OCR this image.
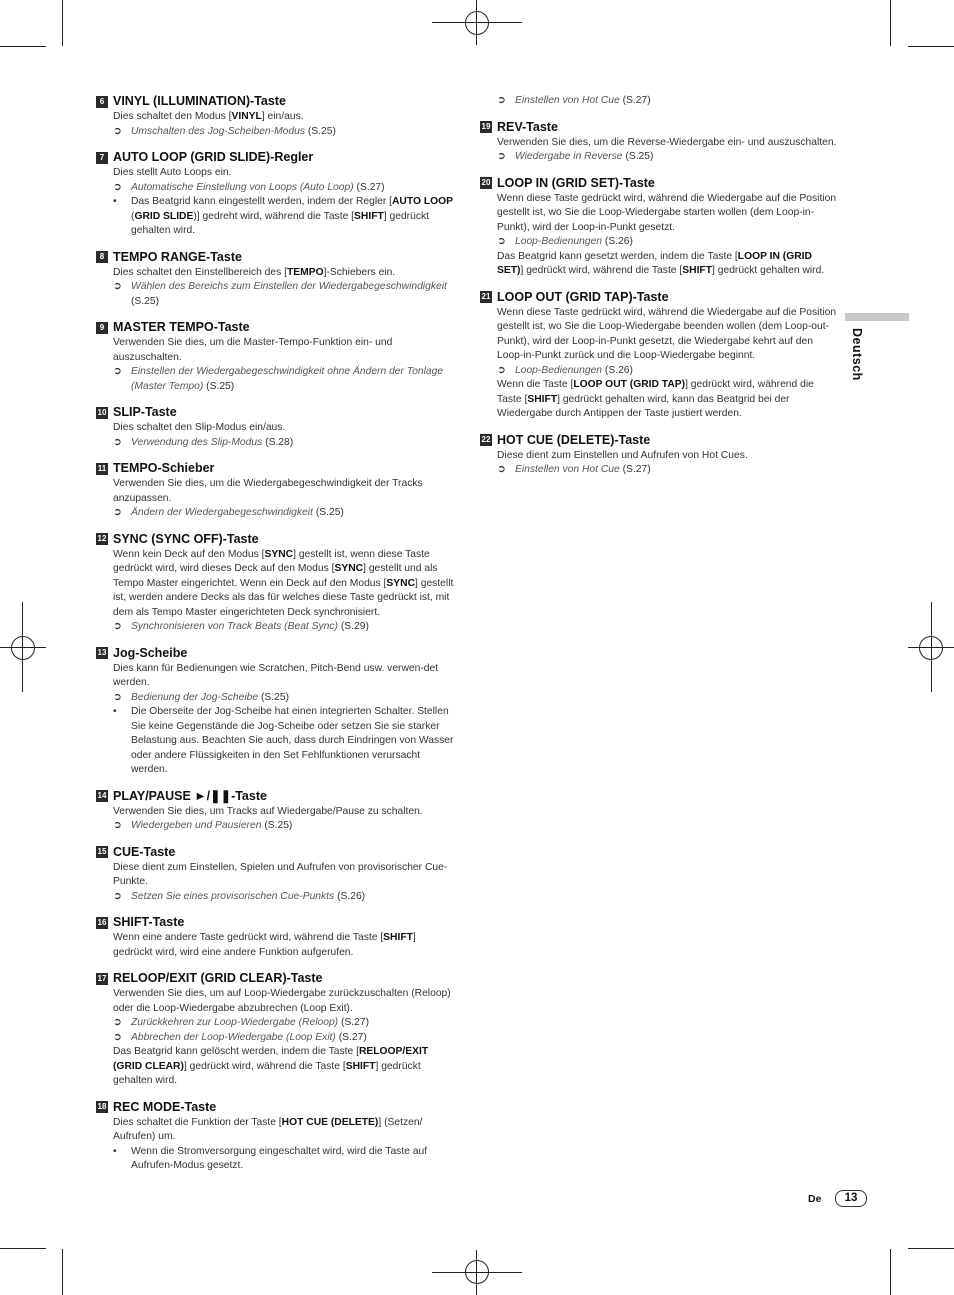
6 VINYL (ILLUMINATION)-Taste

Dies schaltet den Modus [VINYL] ein/aus.

➲ Umschalten des Jog-Scheiben-Modus (S.25)
7 AUTO LOOP (GRID SLIDE)-Regler

Dies stellt Auto Loops ein.

➲ Automatische Einstellung von Loops (Auto Loop) (S.27)
•	Das Beatgrid kann eingestellt werden, indem der Regler [AUTO LOOP (GRID SLIDE)] gedreht wird, während die Taste [SHIFT] gedrückt gehalten wird.
8 TEMPO RANGE-Taste

Dies schaltet den Einstellbereich des [TEMPO]-Schiebers ein.

➲ Wählen des Bereichs zum Einstellen der Wiedergabegeschwindigkeit (S.25)
9 MASTER TEMPO-Taste

Verwenden Sie dies, um die Master-Tempo-Funktion ein- und auszuschalten.

➲ Einstellen der Wiedergabegeschwindigkeit ohne Ändern der Tonlage (Master Tempo) (S.25)
10 SLIP-Taste

Dies schaltet den Slip-Modus ein/aus.

➲ Verwendung des Slip-Modus (S.28)
11 TEMPO-Schieber

Verwenden Sie dies, um die Wiedergabegeschwindigkeit der Tracks anzupassen.

➲ Ändern der Wiedergabegeschwindigkeit (S.25)
12 SYNC (SYNC OFF)-Taste

Wenn kein Deck auf den Modus [SYNC] gestellt ist, wenn diese Taste gedrückt wird, wird dieses Deck auf den Modus [SYNC] gestellt und als Tempo Master eingerichtet. Wenn ein Deck auf den Modus [SYNC] gestellt ist, werden andere Decks als das für welches diese Taste gedrückt ist, mit dem als Tempo Master eingerichteten Deck synchronisiert.

➲ Synchronisieren von Track Beats (Beat Sync) (S.29)
13 Jog-Scheibe

Dies kann für Bedienungen wie Scratchen, Pitch-Bend usw. verwen-det werden.

➲ Bedienung der Jog-Scheibe (S.25)
•	Die Oberseite der Jog-Scheibe hat einen integrierten Schalter. Stellen Sie keine Gegenstände die Jog-Scheibe oder setzen Sie sie starker Belastung aus. Beachten Sie auch, dass durch Eindringen von Wasser oder andere Flüssigkeiten in den Set Fehlfunktionen verursacht werden.
14 PLAY/PAUSE ►/❚❚-Taste

Verwenden Sie dies, um Tracks auf Wiedergabe/Pause zu schalten.

➲ Wiedergeben und Pausieren (S.25)
15 CUE-Taste

Diese dient zum Einstellen, Spielen und Aufrufen von provisorischer Cue-Punkte.

➲ Setzen Sie eines provisorischen Cue-Punkts (S.26)
16 SHIFT-Taste

Wenn eine andere Taste gedrückt wird, während die Taste [SHIFT] gedrückt wird, wird eine andere Funktion aufgerufen.

17 RELOOP/EXIT (GRID CLEAR)-Taste

Verwenden Sie dies, um auf Loop-Wiedergabe zurückzuschalten (Reloop) oder die Loop-Wiedergabe abzubrechen (Loop Exit).

➲ Zurückkehren zur Loop-Wiedergabe (Reloop) (S.27)
➲ Abbrechen der Loop-Wiedergabe (Loop Exit) (S.27)

Das Beatgrid kann gelöscht werden, indem die Taste [RELOOP/EXIT (GRID CLEAR)] gedrückt wird, während die Taste [SHIFT] gedrückt gehalten wird.

18 REC MODE-Taste

Dies schaltet die Funktion der Taste [HOT CUE (DELETE)] (Setzen/ Aufrufen) um.

•	Wenn die Stromversorgung eingeschaltet wird, wird die Taste auf Aufrufen-Modus gesetzt.
➲ Einstellen von Hot Cue (S.27)
19 REV-Taste

Verwenden Sie dies, um die Reverse-Wiedergabe ein- und auszuschalten.

➲ Wiedergabe in Reverse (S.25)
20 LOOP IN (GRID SET)-Taste

Wenn diese Taste gedrückt wird, während die Wiedergabe auf die Position gestellt ist, wo Sie die Loop-Wiedergabe starten wollen (dem Loop-in-Punkt), wird der Loop-in-Punkt gesetzt.

➲ Loop-Bedienungen (S.26)

Das Beatgrid kann gesetzt werden, indem die Taste [LOOP IN (GRID SET)] gedrückt wird, während die Taste [SHIFT] gedrückt gehalten wird.

21 LOOP OUT (GRID TAP)-Taste

Wenn diese Taste gedrückt wird, während die Wiedergabe auf die Position gestellt ist, wo Sie die Loop-Wiedergabe beenden wollen (dem Loop-out-Punkt), wird der Loop-in-Punkt gesetzt, die Wiedergabe kehrt auf den Loop-in-Punkt zurück und die Loop-Wiedergabe beginnt.

➲ Loop-Bedienungen (S.26)

Wenn die Taste [LOOP OUT (GRID TAP)] gedrückt wird, während die Taste [SHIFT] gedrückt gehalten wird, kann das Beatgrid bei der Wiedergabe durch Antippen der Taste justiert werden.

22 HOT CUE (DELETE)-Taste

Diese dient zum Einstellen und Aufrufen von Hot Cues.

➲ Einstellen von Hot Cue (S.27)
Deutsch
De	13
